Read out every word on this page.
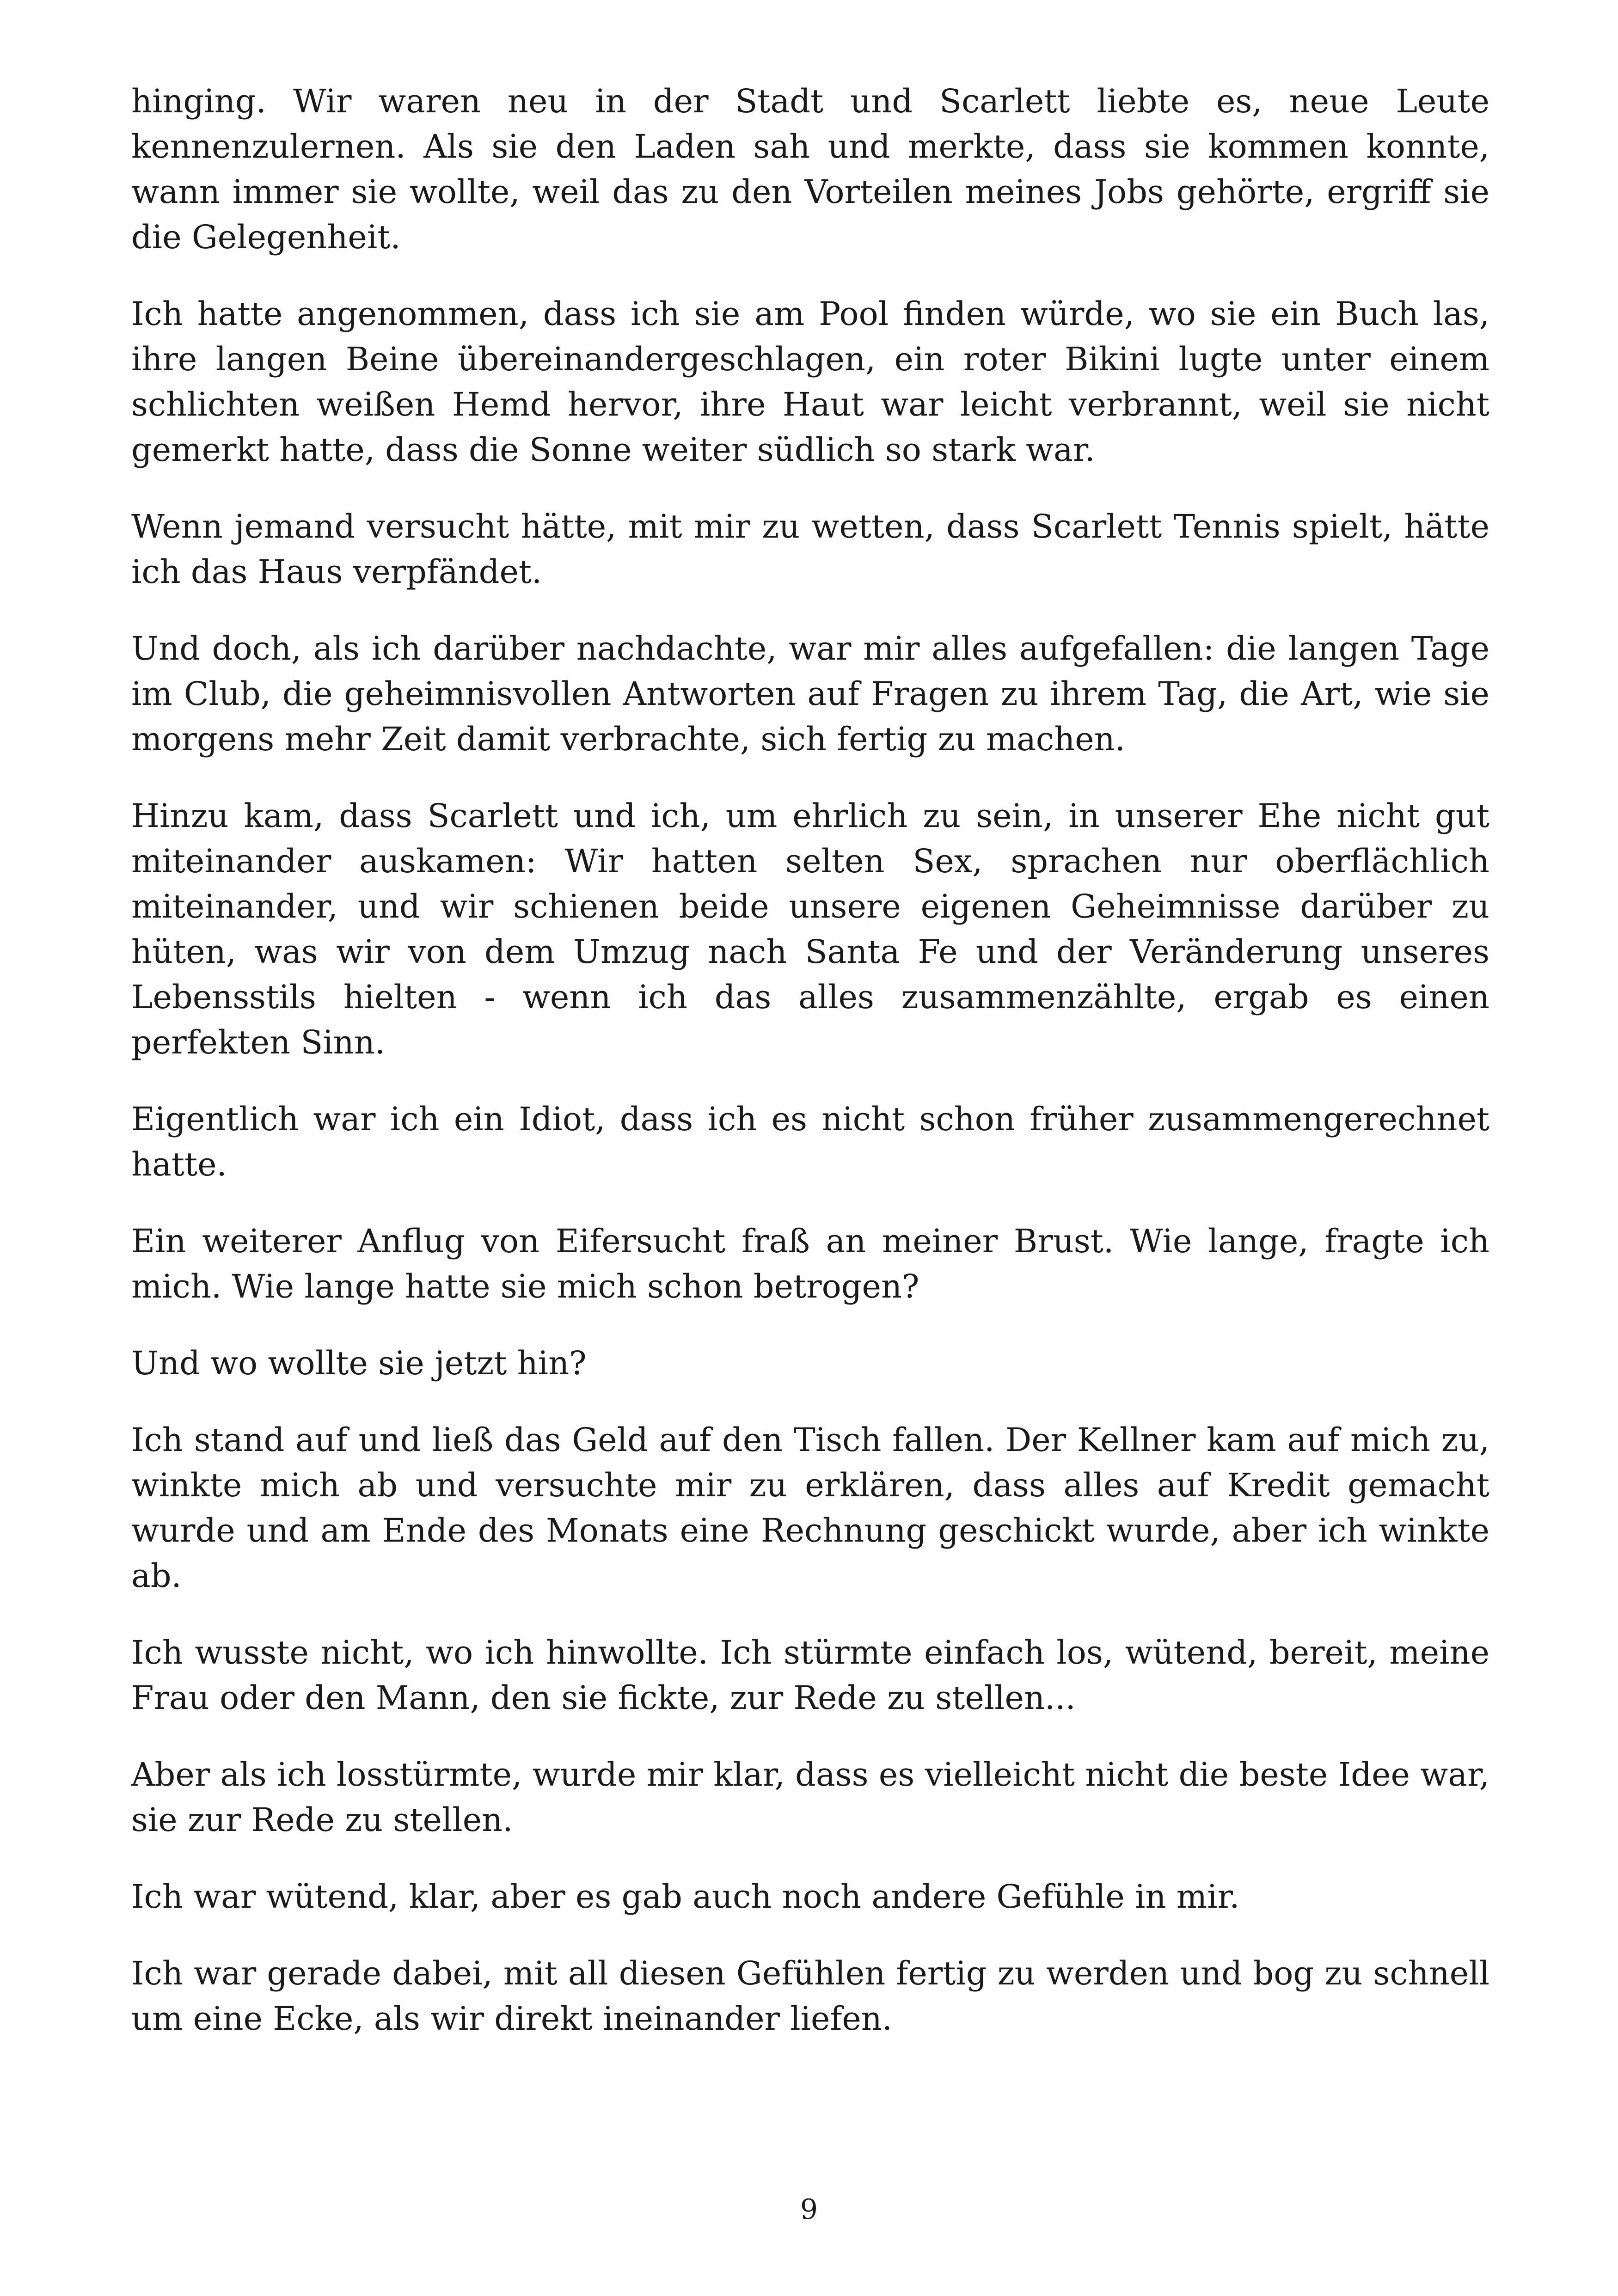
hinging. Wir waren neu in der Stadt und Scarlett liebte es, neue Leute kennenzulernen. Als sie den Laden sah und merkte, dass sie kommen konnte, wann immer sie wollte, weil das zu den Vorteilen meines Jobs gehörte, ergriff sie die Gelegenheit.

Ich hatte angenommen, dass ich sie am Pool finden würde, wo sie ein Buch las, ihre langen Beine übereinandergeschlagen, ein roter Bikini lugte unter einem schlichten weißen Hemd hervor, ihre Haut war leicht verbrannt, weil sie nicht gemerkt hatte, dass die Sonne weiter südlich so stark war.

Wenn jemand versucht hätte, mit mir zu wetten, dass Scarlett Tennis spielt, hätte ich das Haus verpfändet.

Und doch, als ich darüber nachdachte, war mir alles aufgefallen: die langen Tage im Club, die geheimnisvollen Antworten auf Fragen zu ihrem Tag, die Art, wie sie morgens mehr Zeit damit verbrachte, sich fertig zu machen.

Hinzu kam, dass Scarlett und ich, um ehrlich zu sein, in unserer Ehe nicht gut miteinander auskamen: Wir hatten selten Sex, sprachen nur oberflächlich miteinander, und wir schienen beide unsere eigenen Geheimnisse darüber zu hüten, was wir von dem Umzug nach Santa Fe und der Veränderung unseres Lebensstils hielten - wenn ich das alles zusammenzählte, ergab es einen perfekten Sinn.

Eigentlich war ich ein Idiot, dass ich es nicht schon früher zusammengerechnet hatte.

Ein weiterer Anflug von Eifersucht fraß an meiner Brust. Wie lange, fragte ich mich. Wie lange hatte sie mich schon betrogen?

Und wo wollte sie jetzt hin?

Ich stand auf und ließ das Geld auf den Tisch fallen. Der Kellner kam auf mich zu, winkte mich ab und versuchte mir zu erklären, dass alles auf Kredit gemacht wurde und am Ende des Monats eine Rechnung geschickt wurde, aber ich winkte ab.

Ich wusste nicht, wo ich hinwollte. Ich stürmte einfach los, wütend, bereit, meine Frau oder den Mann, den sie fickte, zur Rede zu stellen...

Aber als ich losstürmte, wurde mir klar, dass es vielleicht nicht die beste Idee war, sie zur Rede zu stellen.

Ich war wütend, klar, aber es gab auch noch andere Gefühle in mir.

Ich war gerade dabei, mit all diesen Gefühlen fertig zu werden und bog zu schnell um eine Ecke, als wir direkt ineinander liefen.

9
